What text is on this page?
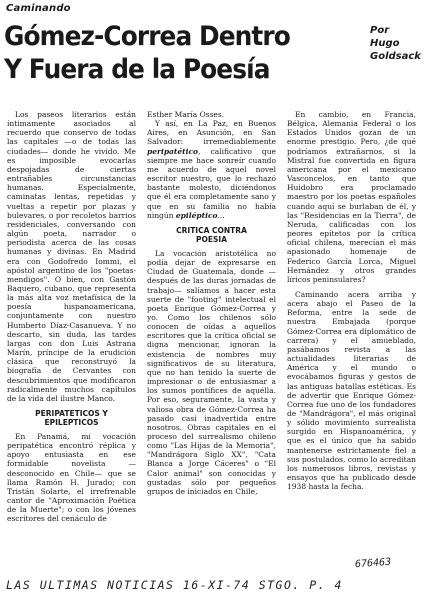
Caminando
Gómez-Correa Dentro
Y Fuera de la Poesía
Por
Hugo
Goldsack

Los paseos literarios están íntimamente asociados al recuerdo que conservo de todas las capitales —o de todas las ciudades— donde he vivido. Me es imposible evocarlas despojadas de ciertas entrañables circunstancias humanas. Especialmente, caminatas lentas, repetidas y vueltas a repetir por plazas y bulevares, o por recoletos barrios residenciales, conversando con algún poeta, narrador o periodista acerca de las cosas humanas y divinas. En Madrid era con Godofredo Iommi, el apóstol argentino de los "poetas-mendigos". O bien, con Gastón Baquero, cubano, que representa la más alta voz metafísica de la poesía hispanoamericana, conjuntamente con nuestro Humberto Díaz-Casanueva. Y no descarto, sin duda, las tardes largas con don Luis Astrana Marín, príncipe de la erudición clásica que reconstruyó la biografía de Cervantes con descubrimientos que modificaron radicalmente muchos capítulos de la vida del ilustre Manco.

PERIPATETICOS Y
EPILEPTICOS

En Panamá, mi vocación peripatética encontró réplica y apoyo entusiasta en ese formidable novelista —desconocido en Chile— que se llama Ramón H. Jurado; con Tristán Solarte, el irrefrenable cantor de "Aproximación Poética de la Muerte"; o con los jóvenes escritores del cenáculo de

Esther María Osses.

Y así, en La Paz, en Buenos Aires, en Asunción, en San Salvador: irremediablemente peripatético, calificativo que siempre me hace sonreír cuando me acuerdo de aquel novel escritor nuestro, que lo rechazó bastante molesto, diciéndonos que él era completamente sano y que en su familia no había ningún epiléptico...

CRITICA CONTRA
POESIA

La vocación aristotélica no podía dejar de expresarse en Ciudad de Guatemala, donde —después de las duras jornadas de trabajo— salíamos a hacer esta suerte de "footing" intelectual el poeta Enrique Gómez-Correa y yo. Como los chilenos sólo conocen de oídas a aquellos escritores que la crítica oficial se digna mencionar, ignoran la existencia de nombres muy significativos de su literatura, que no han tenido la suerte de impresionar o de entusiasmar a los sumos pontífices de aquélla. Por eso, seguramente, la vasta y valiosa obra de Gómez-Correa ha pasado casi inadvertida entre nosotros. Obras capitales en el proceso del surrealismo chileno como "Las Hijas de la Memoria", "Mandrágora Siglo XX", "Cata Blanca a Jorge Cáceres" o "El Calor animal" son conocidas y gustadas sólo por pequeños grupos de iniciados en Chile,

En cambio, en Francia, Bélgica, Alemania Federal o los Estados Unidos gozan de un enorme prestigio. Pero, ¿de qué podríamos extrañarnos, si la Mistral fue convertida en figura americana por el mexicano Vasconcelos, en tanto que Huidobro era proclamado maestro por los poetas españoles cuando aquí se burlaban de él, y las "Residencias en la Tierra", de Neruda, calificadas con los peores epítetos por la crítica oficial chilena, merecían el más apasionado homenaje de Federico García Lorca, Miguel Hernández y otros grandes líricos peninsulares?

Caminando acera arriba y acera abajo el Paseo de la Reforma, entre la sede de nuestra Embajada (porque Gómez-Correa era diplomático de carrera) y el amueblado, pasábamos revista a las actualidades literarias de América y el mundo o evocábamos figuras y gestos de las antiguas batallas estéticas. Es de advertir que Enrique Gómez-Correa fue uno de los fundadores de "Mandrágora", el más original y sólido movimiento surrealista surgido en Hispanoamérica, y que es el único que ha sabido mantenerse estrictamente fiel a sus postulados, como lo acreditan los numerosos libros, revistas y ensayos que ha publicado desde 1938 hasta la fecha.

676463
LAS ULTIMAS NOTICIAS 16-XI-74 STGO. P. 4
